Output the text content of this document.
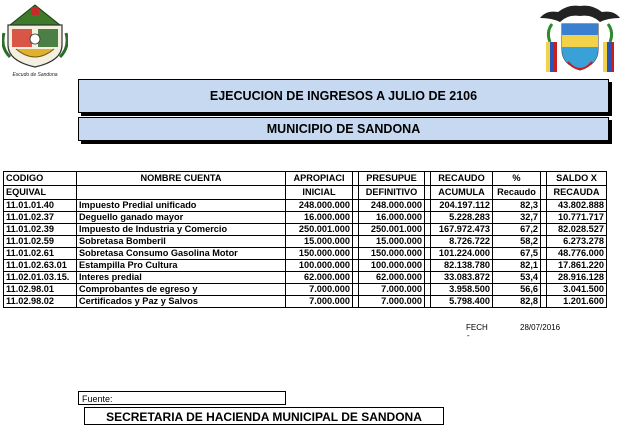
Escudo de Sandona
EJECUCION DE INGRESOS A JULIO DE 2106
MUNICIPIO DE SANDONA
CODIGO	NOMBRE CUENTA	APROPIACI		PRESUPUE		RECAUDO	%		SALDO X
EQUIVAL		INICIAL		DEFINITIVO		ACUMULA	Recaudo		RECAUDA
11.01.01.40	Impuesto Predial unificado	248.000.000		248.000.000		204.197.112	82,3		43.802.888
11.01.02.37	Deguello ganado mayor	16.000.000		16.000.000		5.228.283	32,7		10.771.717
11.01.02.39	Impuesto de Industria y Comercio	250.001.000		250.001.000		167.972.473	67,2		82.028.527
11.01.02.59	Sobretasa Bomberil	15.000.000		15.000.000		8.726.722	58,2		6.273.278
11.01.02.61	Sobretasa Consumo Gasolina Motor	150.000.000		150.000.000		101.224.000	67,5		48.776.000
11.01.02.63.01	Estampilla Pro Cultura	100.000.000		100.000.000		82.138.780	82,1		17.861.220
11.02.01.03.15.	Interes predial	62.000.000		62.000.000		33.083.872	53,4		28.916.128
11.02.98.01	Comprobantes de egreso y	7.000.000		7.000.000		3.958.500	56,6		3.041.500
11.02.98.02	Certificados y Paz y Salvos	7.000.000		7.000.000		5.798.400	82,8		1.201.600
FECH
-
28/07/2016
Fuente:
SECRETARIA DE HACIENDA MUNICIPAL DE SANDONA
